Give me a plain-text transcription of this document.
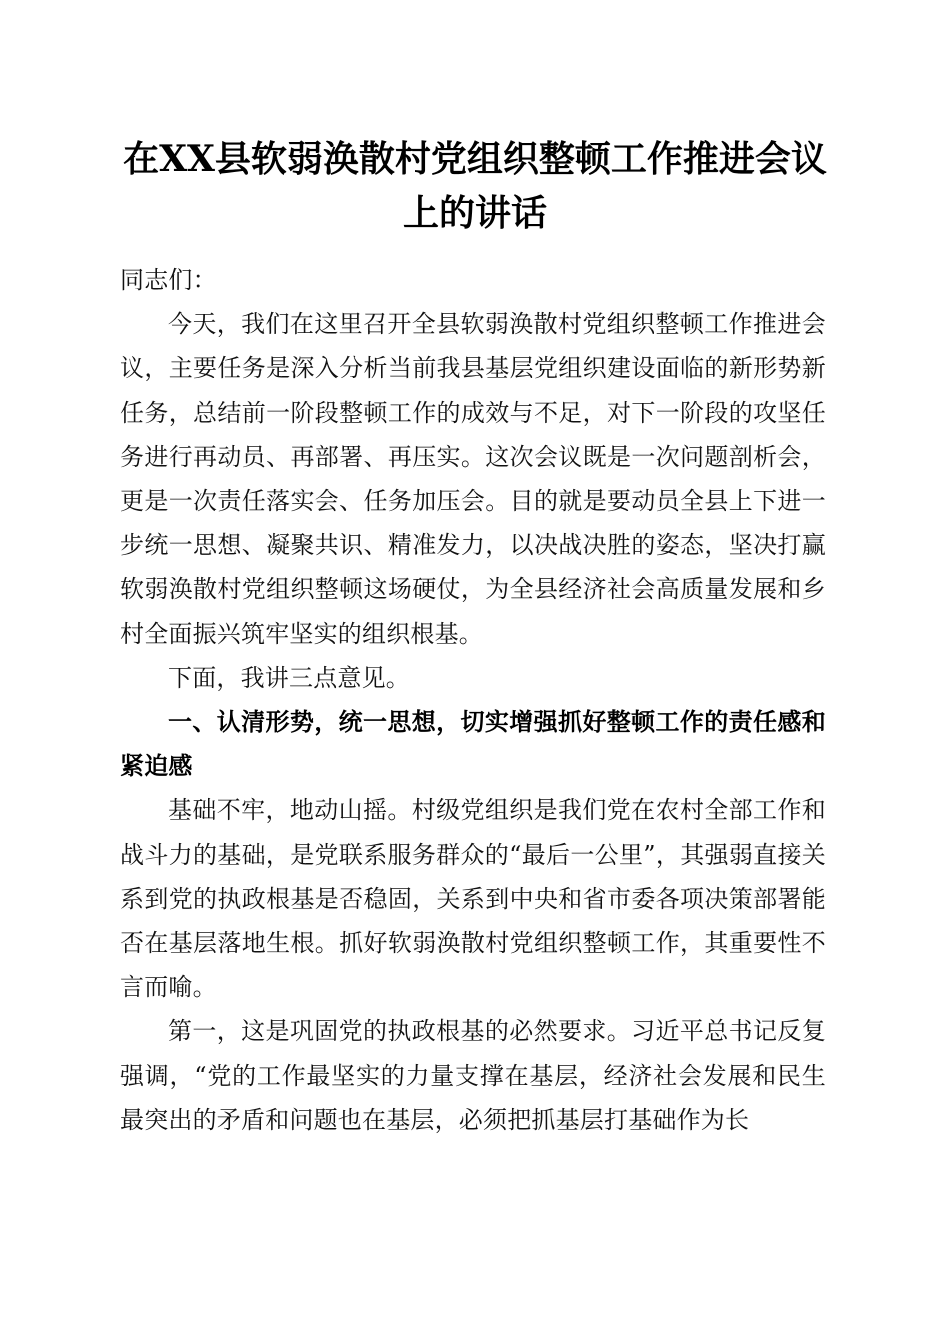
在XX县软弱涣散村党组织整顿工作推进会议
上的讲话

同志们：

今天，我们在这里召开全县软弱涣散村党组织整顿工作推进会议，主要任务是深入分析当前我县基层党组织建设面临的新形势新任务，总结前一阶段整顿工作的成效与不足，对下一阶段的攻坚任务进行再动员、再部署、再压实。这次会议既是一次问题剖析会，更是一次责任落实会、任务加压会。目的就是要动员全县上下进一步统一思想、凝聚共识、精准发力，以决战决胜的姿态，坚决打赢软弱涣散村党组织整顿这场硬仗，为全县经济社会高质量发展和乡村全面振兴筑牢坚实的组织根基。

下面，我讲三点意见。

一、认清形势，统一思想，切实增强抓好整顿工作的责任感和紧迫感

基础不牢，地动山摇。村级党组织是我们党在农村全部工作和战斗力的基础，是党联系服务群众的“最后一公里”，其强弱直接关系到党的执政根基是否稳固，关系到中央和省市委各项决策部署能否在基层落地生根。抓好软弱涣散村党组织整顿工作，其重要性不言而喻。

第一，这是巩固党的执政根基的必然要求。习近平总书记反复强调，“党的工作最坚实的力量支撑在基层，经济社会发展和民生最突出的矛盾和问题也在基层，必须把抓基层打基础作为长
